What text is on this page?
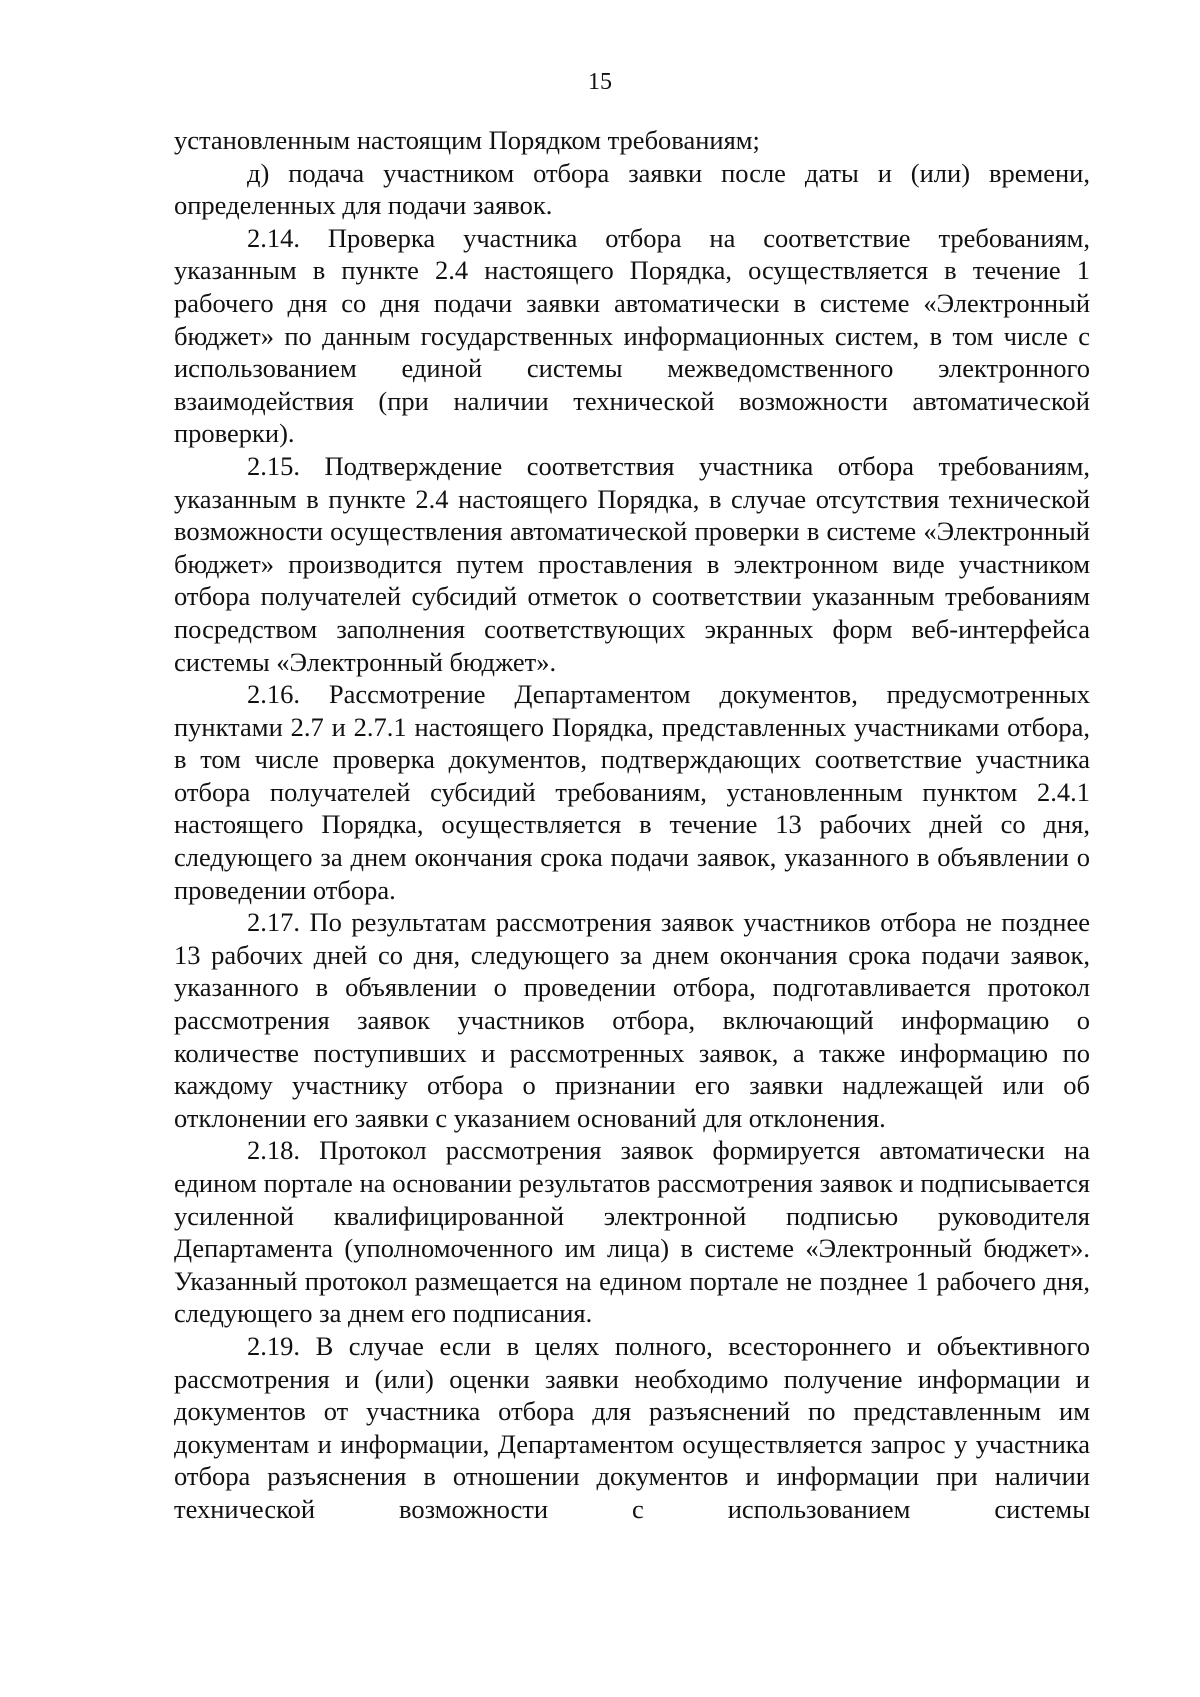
15

установленным настоящим Порядком требованиям;

д) подача участником отбора заявки после даты и (или) времени, определенных для подачи заявок.

2.14. Проверка участника отбора на соответствие требованиям, указанным в пункте 2.4 настоящего Порядка, осуществляется в течение 1 рабочего дня со дня подачи заявки автоматически в системе «Электронный бюджет» по данным государственных информационных систем, в том числе с использованием единой системы межведомственного электронного взаимодействия (при наличии технической возможности автоматической проверки).

2.15. Подтверждение соответствия участника отбора требованиям, указанным в пункте 2.4 настоящего Порядка, в случае отсутствия технической возможности осуществления автоматической проверки в системе «Электронный бюджет» производится путем проставления в электронном виде участником отбора получателей субсидий отметок о соответствии указанным требованиям посредством заполнения соответствующих экранных форм веб-интерфейса системы «Электронный бюджет».

2.16. Рассмотрение Департаментом документов, предусмотренных пунктами 2.7 и 2.7.1 настоящего Порядка, представленных участниками отбора, в том числе проверка документов, подтверждающих соответствие участника отбора получателей субсидий требованиям, установленным пунктом 2.4.1 настоящего Порядка, осуществляется в течение 13 рабочих дней со дня, следующего за днем окончания срока подачи заявок, указанного в объявлении о проведении отбора.

2.17. По результатам рассмотрения заявок участников отбора не позднее 13 рабочих дней со дня, следующего за днем окончания срока подачи заявок, указанного в объявлении о проведении отбора, подготавливается протокол рассмотрения заявок участников отбора, включающий информацию о количестве поступивших и рассмотренных заявок, а также информацию по каждому участнику отбора о признании его заявки надлежащей или об отклонении его заявки с указанием оснований для отклонения.

2.18. Протокол рассмотрения заявок формируется автоматически на едином портале на основании результатов рассмотрения заявок и подписывается усиленной квалифицированной электронной подписью руководителя Департамента (уполномоченного им лица) в системе «Электронный бюджет». Указанный протокол размещается на едином портале не позднее 1 рабочего дня, следующего за днем его подписания.

2.19. В случае если в целях полного, всестороннего и объективного рассмотрения и (или) оценки заявки необходимо получение информации и документов от участника отбора для разъяснений по представленным им документам и информации, Департаментом осуществляется запрос у участника отбора разъяснения в отношении документов и информации при наличии технической возможности с использованием системы
